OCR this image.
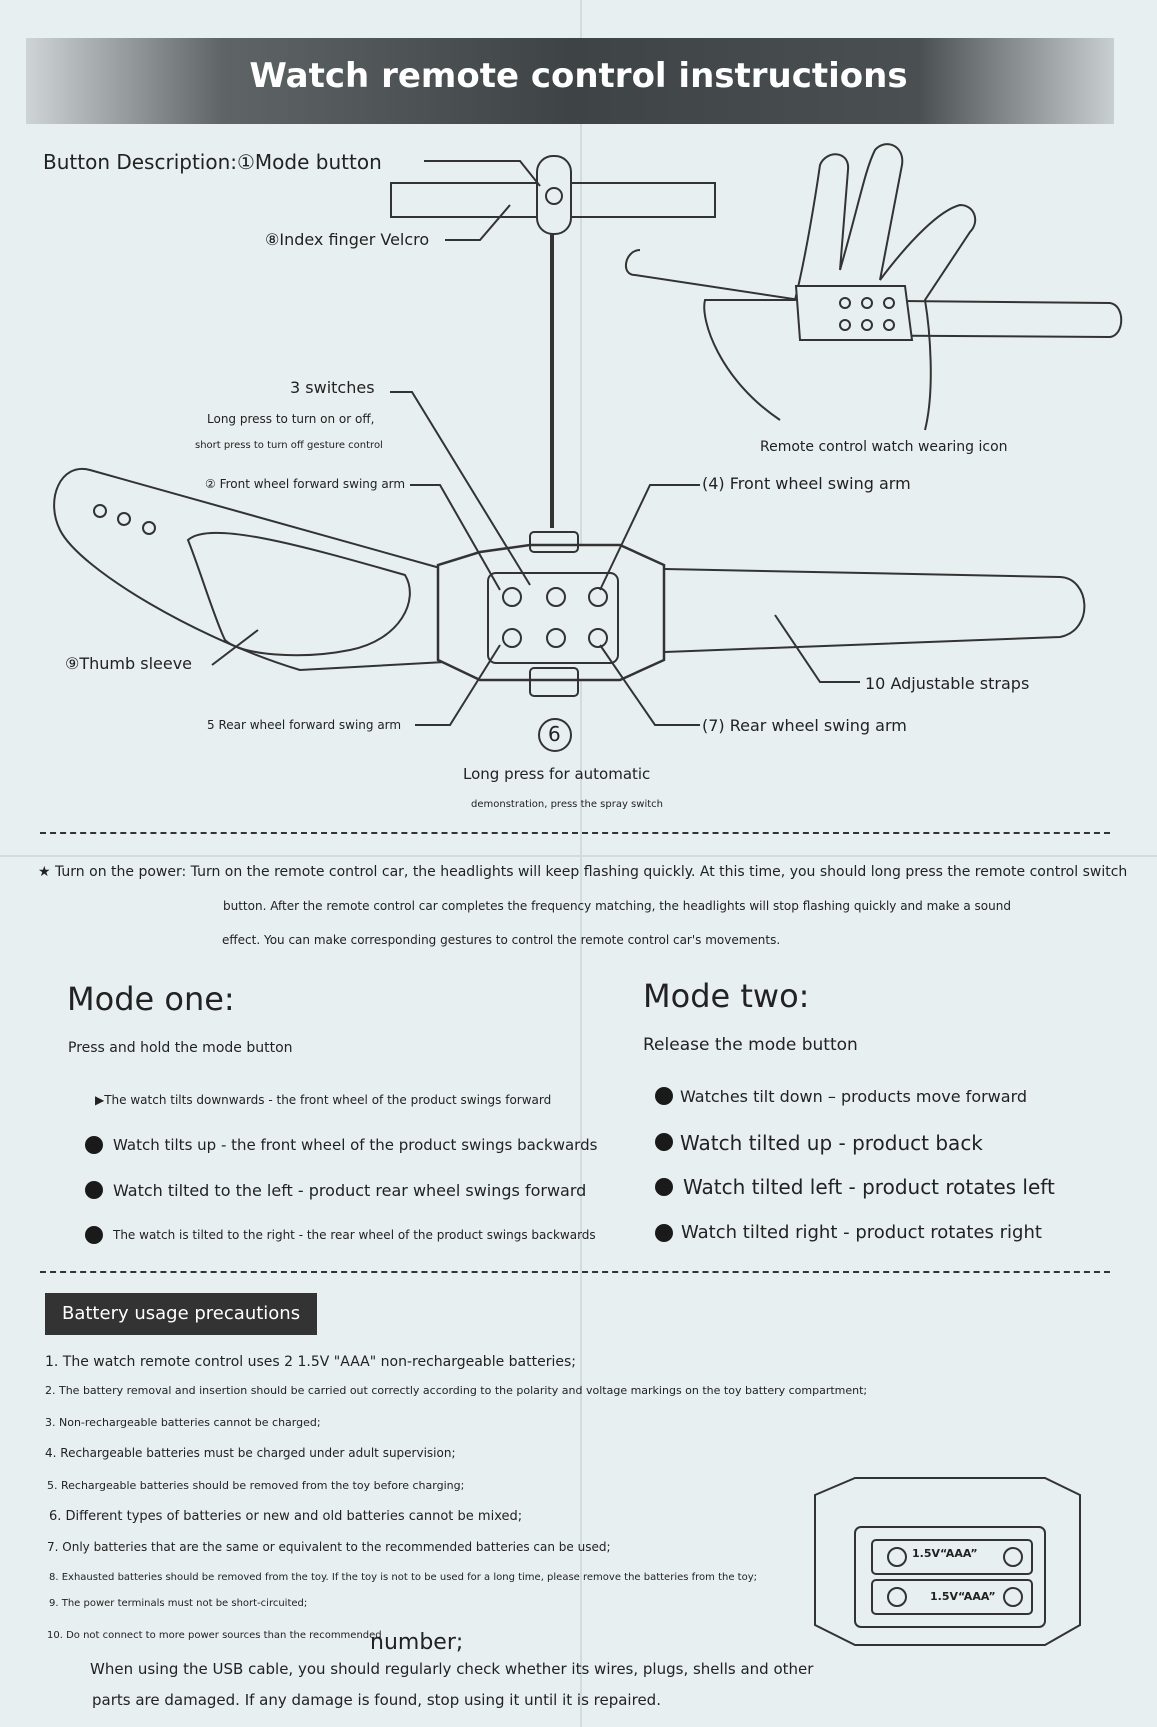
Watch remote control instructions
Button Description:①Mode button
⑧Index finger Velcro
3 switches
Long press to turn on or off,
short press to turn off gesture control
② Front wheel forward swing arm	(4) Front wheel swing arm
⑨Thumb sleeve
10 Adjustable straps
5 Rear wheel forward swing arm	(7) Rear wheel swing arm
6
Long press for automatic
demonstration, press the spray switch
Remote control watch wearing icon
★ Turn on the power: Turn on the remote control car, the headlights will keep flashing quickly. At this time, you should long press the remote control switch
button. After the remote control car completes the frequency matching, the headlights will stop flashing quickly and make a sound
effect. You can make corresponding gestures to control the remote control car's movements.
Mode one:
Press and hold the mode button
▶The watch tilts downwards - the front wheel of the product swings forward
Watch tilts up - the front wheel of the product swings backwards
Watch tilted to the left - product rear wheel swings forward
The watch is tilted to the right - the rear wheel of the product swings backwards
Mode two:
Release the mode button
Watches tilt down – products move forward
Watch tilted up - product back
Watch tilted left - product rotates left
Watch tilted right - product rotates right
Battery usage precautions
1. The watch remote control uses 2 1.5V "AAA" non-rechargeable batteries;
2. The battery removal and insertion should be carried out correctly according to the polarity and voltage markings on the toy battery compartment;
3. Non-rechargeable batteries cannot be charged;
4. Rechargeable batteries must be charged under adult supervision;
5. Rechargeable batteries should be removed from the toy before charging;
6. Different types of batteries or new and old batteries cannot be mixed;
7. Only batteries that are the same or equivalent to the recommended batteries can be used;
8. Exhausted batteries should be removed from the toy. If the toy is not to be used for a long time, please remove the batteries from the toy;
9. The power terminals must not be short-circuited;
10. Do not connect to more power sources than the recommended
number;
When using the USB cable, you should regularly check whether its wires, plugs, shells and other
parts are damaged. If any damage is found, stop using it until it is repaired.
1.5V“AAA”
1.5V“AAA”
